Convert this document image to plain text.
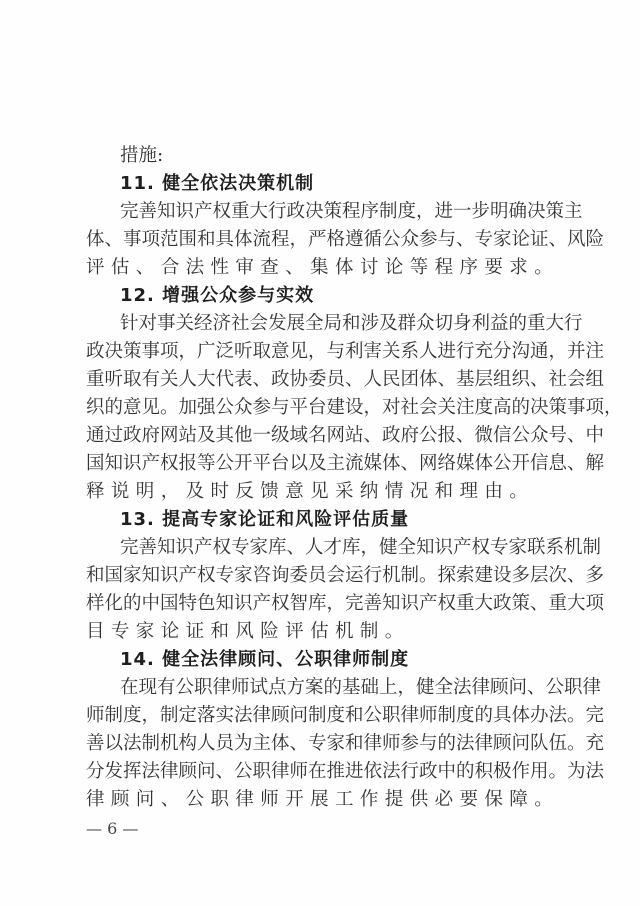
措施:
11. 健全依法决策机制
完善知识产权重大行政决策程序制度，进一步明确决策主
体、事项范围和具体流程，严格遵循公众参与、专家论证、风险
评估、合法性审查、集体讨论等程序要求。
12. 增强公众参与实效
针对事关经济社会发展全局和涉及群众切身利益的重大行
政决策事项，广泛听取意见，与利害关系人进行充分沟通，并注
重听取有关人大代表、政协委员、人民团体、基层组织、社会组
织的意见。加强公众参与平台建设，对社会关注度高的决策事项，
通过政府网站及其他一级域名网站、政府公报、微信公众号、中
国知识产权报等公开平台以及主流媒体、网络媒体公开信息、解
释说明，及时反馈意见采纳情况和理由。
13. 提高专家论证和风险评估质量
完善知识产权专家库、人才库，健全知识产权专家联系机制
和国家知识产权专家咨询委员会运行机制。探索建设多层次、多
样化的中国特色知识产权智库，完善知识产权重大政策、重大项
目专家论证和风险评估机制。
14. 健全法律顾问、公职律师制度
在现有公职律师试点方案的基础上，健全法律顾问、公职律
师制度，制定落实法律顾问制度和公职律师制度的具体办法。完
善以法制机构人员为主体、专家和律师参与的法律顾问队伍。充
分发挥法律顾问、公职律师在推进依法行政中的积极作用。为法
律顾问、公职律师开展工作提供必要保障。
— 6 —
